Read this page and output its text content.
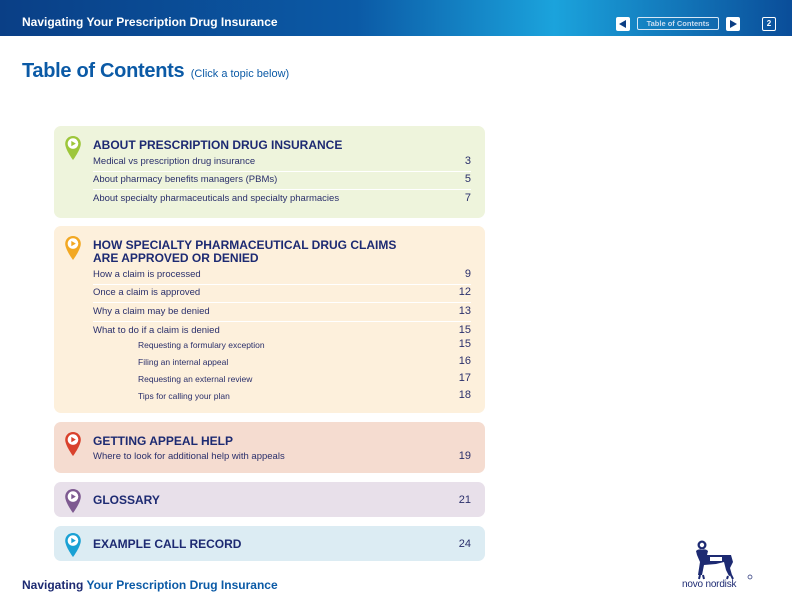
Navigating Your Prescription Drug Insurance	Table of Contents	2
Table of Contents (Click a topic below)
ABOUT PRESCRIPTION DRUG INSURANCE
Medical vs prescription drug insurance	3
About pharmacy benefits managers (PBMs)	5
About specialty pharmaceuticals and specialty pharmacies	7
HOW SPECIALTY PHARMACEUTICAL DRUG CLAIMS
ARE APPROVED OR DENIED
How a claim is processed	9
Once a claim is approved	12
Why a claim may be denied	13
What to do if a claim is denied	15
Requesting a formulary exception	15
Filing an internal appeal	16
Requesting an external review	17
Tips for calling your plan	18
GETTING APPEAL HELP
Where to look for additional help with appeals	19
GLOSSARY	21
EXAMPLE CALL RECORD	24
Navigating Your Prescription Drug Insurance	novo nordisk
